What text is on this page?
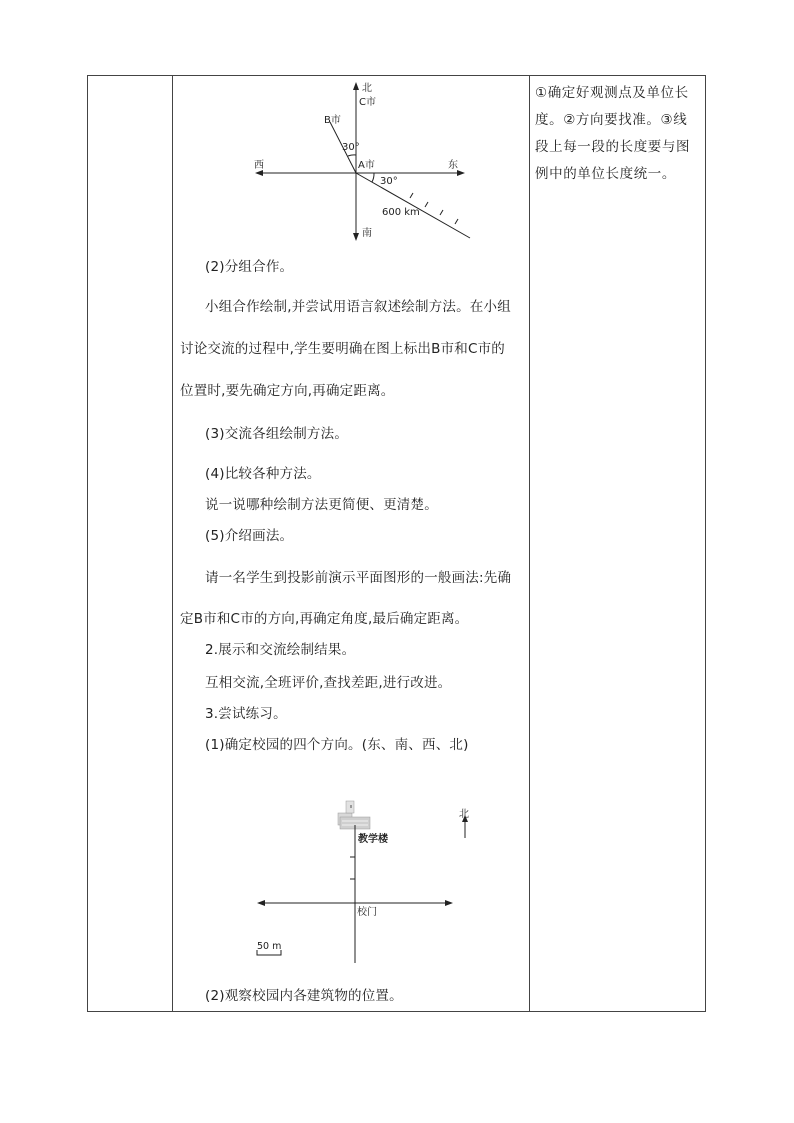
北
C市
B市
30°
A市
30°
东
西
600 km
南
(2)分组合作。
小组合作绘制,并尝试用语言叙述绘制方法。在小组
讨论交流的过程中,学生要明确在图上标出B市和C市的
位置时,要先确定方向,再确定距离。
(3)交流各组绘制方法。
(4)比较各种方法。
说一说哪种绘制方法更简便、更清楚。
(5)介绍画法。
请一名学生到投影前演示平面图形的一般画法:先确
定B市和C市的方向,再确定角度,最后确定距离。
2.展示和交流绘制结果。
互相交流,全班评价,查找差距,进行改进。
3.尝试练习。
(1)确定校园的四个方向。(东、南、西、北)
北
教学楼
校门
50 m
(2)观察校园内各建筑物的位置。
①确定好观测点及单位长度。②方向要找准。③线段上每一段的长度要与图例中的单位长度统一。
